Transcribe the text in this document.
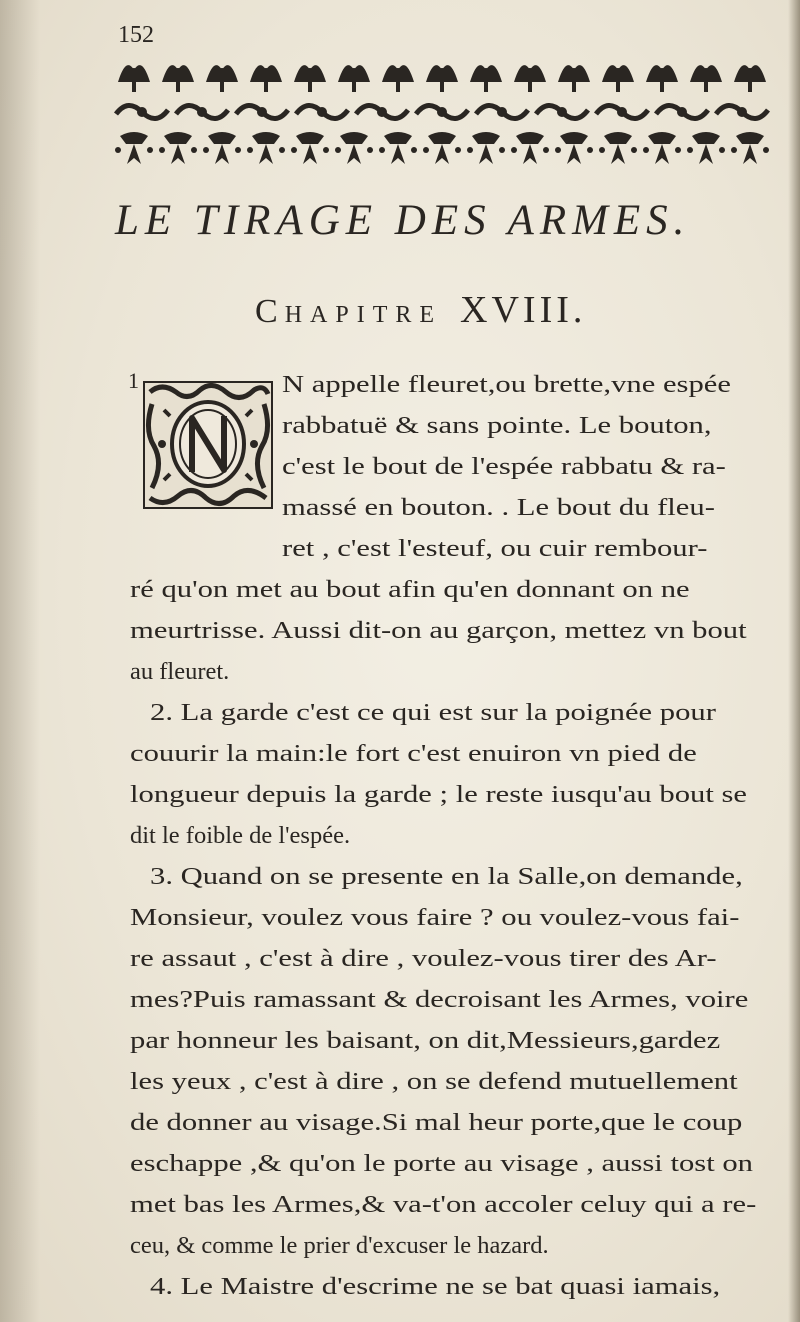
152
LE TIRAGE DES ARMES.
CHAPITRE XVIII.
1	N appelle fleuret,ou brette,vne espée
rabbatuë & sans pointe. Le bouton,
c'est le bout de l'espée rabbatu & ra-
massé en bouton. . Le bout du fleu-
ret , c'est l'esteuf, ou cuir rembour-
ré qu'on met au bout afin qu'en donnant on ne
meurtrisse. Aussi dit-on au garçon, mettez vn bout
au fleuret.
2. La garde c'est ce qui est sur la poignée pour
couurir la main:le fort c'est enuiron vn pied de
longueur depuis la garde ; le reste iusqu'au bout se
dit le foible de l'espée.
3. Quand on se presente en la Salle,on demande,
Monsieur, voulez vous faire ? ou voulez-vous fai-
re assaut , c'est à dire , voulez-vous tirer des Ar-
mes?Puis ramassant & decroisant les Armes, voire
par honneur les baisant, on dit,Messieurs,gardez
les yeux , c'est à dire , on se defend mutuellement
de donner au visage.Si mal heur porte,que le coup
eschappe ,& qu'on le porte au visage , aussi tost on
met bas les Armes,& va-t'on accoler celuy qui a re-
ceu, & comme le prier d'excuser le hazard.
4. Le Maistre d'escrime ne se bat quasi iamais,
